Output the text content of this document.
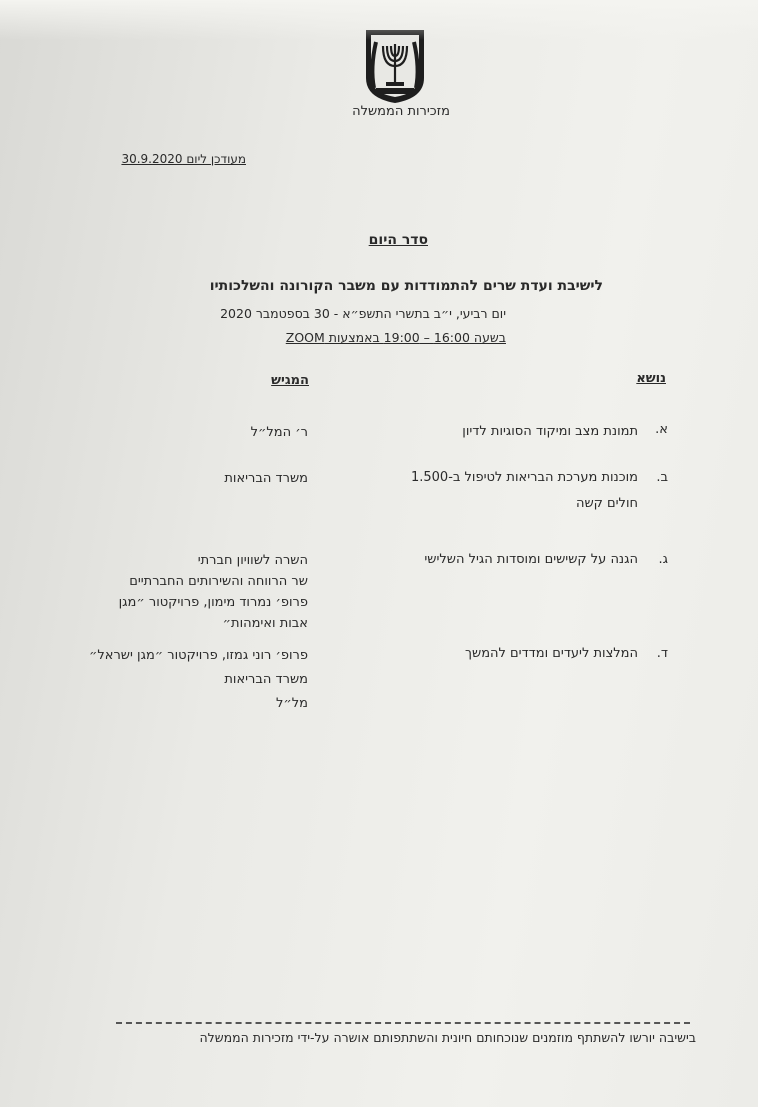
מזכירות הממשלה
מעודכן ליום 30.9.2020
סדר היום
לישיבת ועדת שרים להתמודדות עם משבר הקורונה והשלכותיו
יום רביעי, י״ב בתשרי התשפ״א - 30 בספטמבר 2020
בשעה 16:00 – 19:00 באמצעות ZOOM
נושא
המגיש
א.
תמונת מצב ומיקוד הסוגיות לדיון
ר׳ המל״ל
ב.
מוכנות מערכת הבריאות לטיפול ב-1.500
חולים קשה
משרד הבריאות
ג.
הגנה על קשישים ומוסדות הגיל השלישי
השרה לשוויון חברתי
שר הרווחה והשירותים החברתיים
פרופ׳ נמרוד מימון, פרויקטור ״מגן
אבות ואימהות״
ד.
המלצות ליעדים ומדדים להמשך
פרופ׳ רוני גמזו, פרויקטור ״מגן ישראל״
משרד הבריאות
מל״ל
בישיבה יורשו להשתתף מוזמנים שנוכחותם חיונית והשתתפותם אושרה על-ידי מזכירות הממשלה
